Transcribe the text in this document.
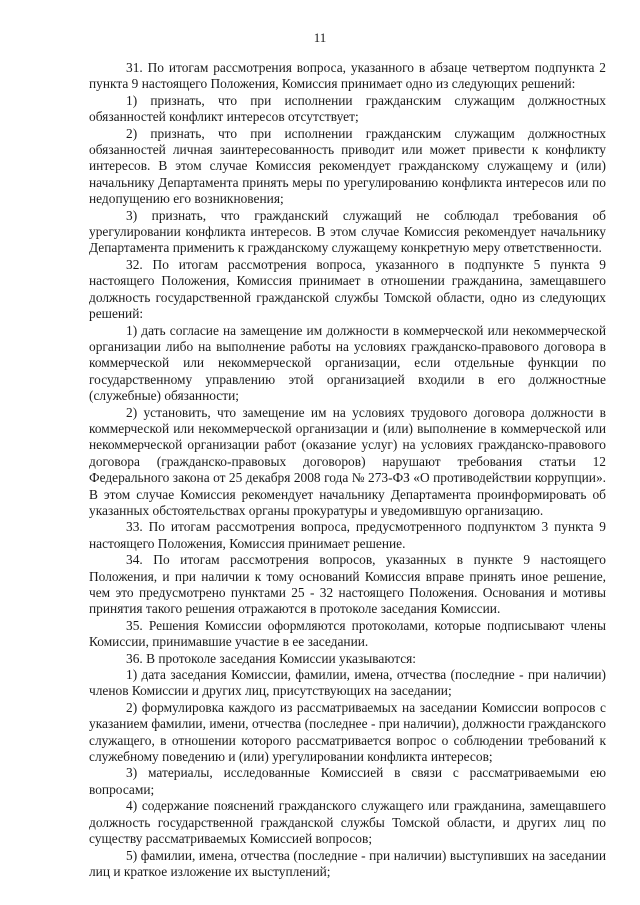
11

31. По итогам рассмотрения вопроса, указанного в абзаце четвертом подпункта 2 пункта 9 настоящего Положения, Комиссия принимает одно из следующих решений:

1) признать, что при исполнении гражданским служащим должностных обязанностей конфликт интересов отсутствует;

2) признать, что при исполнении гражданским служащим должностных обязанностей личная заинтересованность приводит или может привести к конфликту интересов. В этом случае Комиссия рекомендует гражданскому служащему и (или) начальнику Департамента принять меры по урегулированию конфликта интересов или по недопущению его возникновения;

3) признать, что гражданский служащий не соблюдал требования об урегулировании конфликта интересов. В этом случае Комиссия рекомендует начальнику Департамента применить к гражданскому служащему конкретную меру ответственности.

32. По итогам рассмотрения вопроса, указанного в подпункте 5 пункта 9 настоящего Положения, Комиссия принимает в отношении гражданина, замещавшего должность государственной гражданской службы Томской области, одно из следующих решений:

1) дать согласие на замещение им должности в коммерческой или некоммерческой организации либо на выполнение работы на условиях гражданско-правового договора в коммерческой или некоммерческой организации, если отдельные функции по государственному управлению этой организацией входили в его должностные (служебные) обязанности;

2) установить, что замещение им на условиях трудового договора должности в коммерческой или некоммерческой организации и (или) выполнение в коммерческой или некоммерческой организации работ (оказание услуг) на условиях гражданско-правового договора (гражданско-правовых договоров) нарушают требования статьи 12 Федерального закона от 25 декабря 2008 года № 273-ФЗ «О противодействии коррупции». В этом случае Комиссия рекомендует начальнику Департамента проинформировать об указанных обстоятельствах органы прокуратуры и уведомившую организацию.

33. По итогам рассмотрения вопроса, предусмотренного подпунктом 3 пункта 9 настоящего Положения, Комиссия принимает решение.

34. По итогам рассмотрения вопросов, указанных в пункте 9 настоящего Положения, и при наличии к тому оснований Комиссия вправе принять иное решение, чем это предусмотрено пунктами 25 - 32 настоящего Положения. Основания и мотивы принятия такого решения отражаются в протоколе заседания Комиссии.

35. Решения Комиссии оформляются протоколами, которые подписывают члены Комиссии, принимавшие участие в ее заседании.

36. В протоколе заседания Комиссии указываются:

1) дата заседания Комиссии, фамилии, имена, отчества (последние - при наличии) членов Комиссии и других лиц, присутствующих на заседании;

2) формулировка каждого из рассматриваемых на заседании Комиссии вопросов с указанием фамилии, имени, отчества (последнее - при наличии), должности гражданского служащего, в отношении которого рассматривается вопрос о соблюдении требований к служебному поведению и (или) урегулировании конфликта интересов;

3) материалы, исследованные Комиссией в связи с рассматриваемыми ею вопросами;

4) содержание пояснений гражданского служащего или гражданина, замещавшего должность государственной гражданской службы Томской области, и других лиц по существу рассматриваемых Комиссией вопросов;

5) фамилии, имена, отчества (последние - при наличии) выступивших на заседании лиц и краткое изложение их выступлений;
